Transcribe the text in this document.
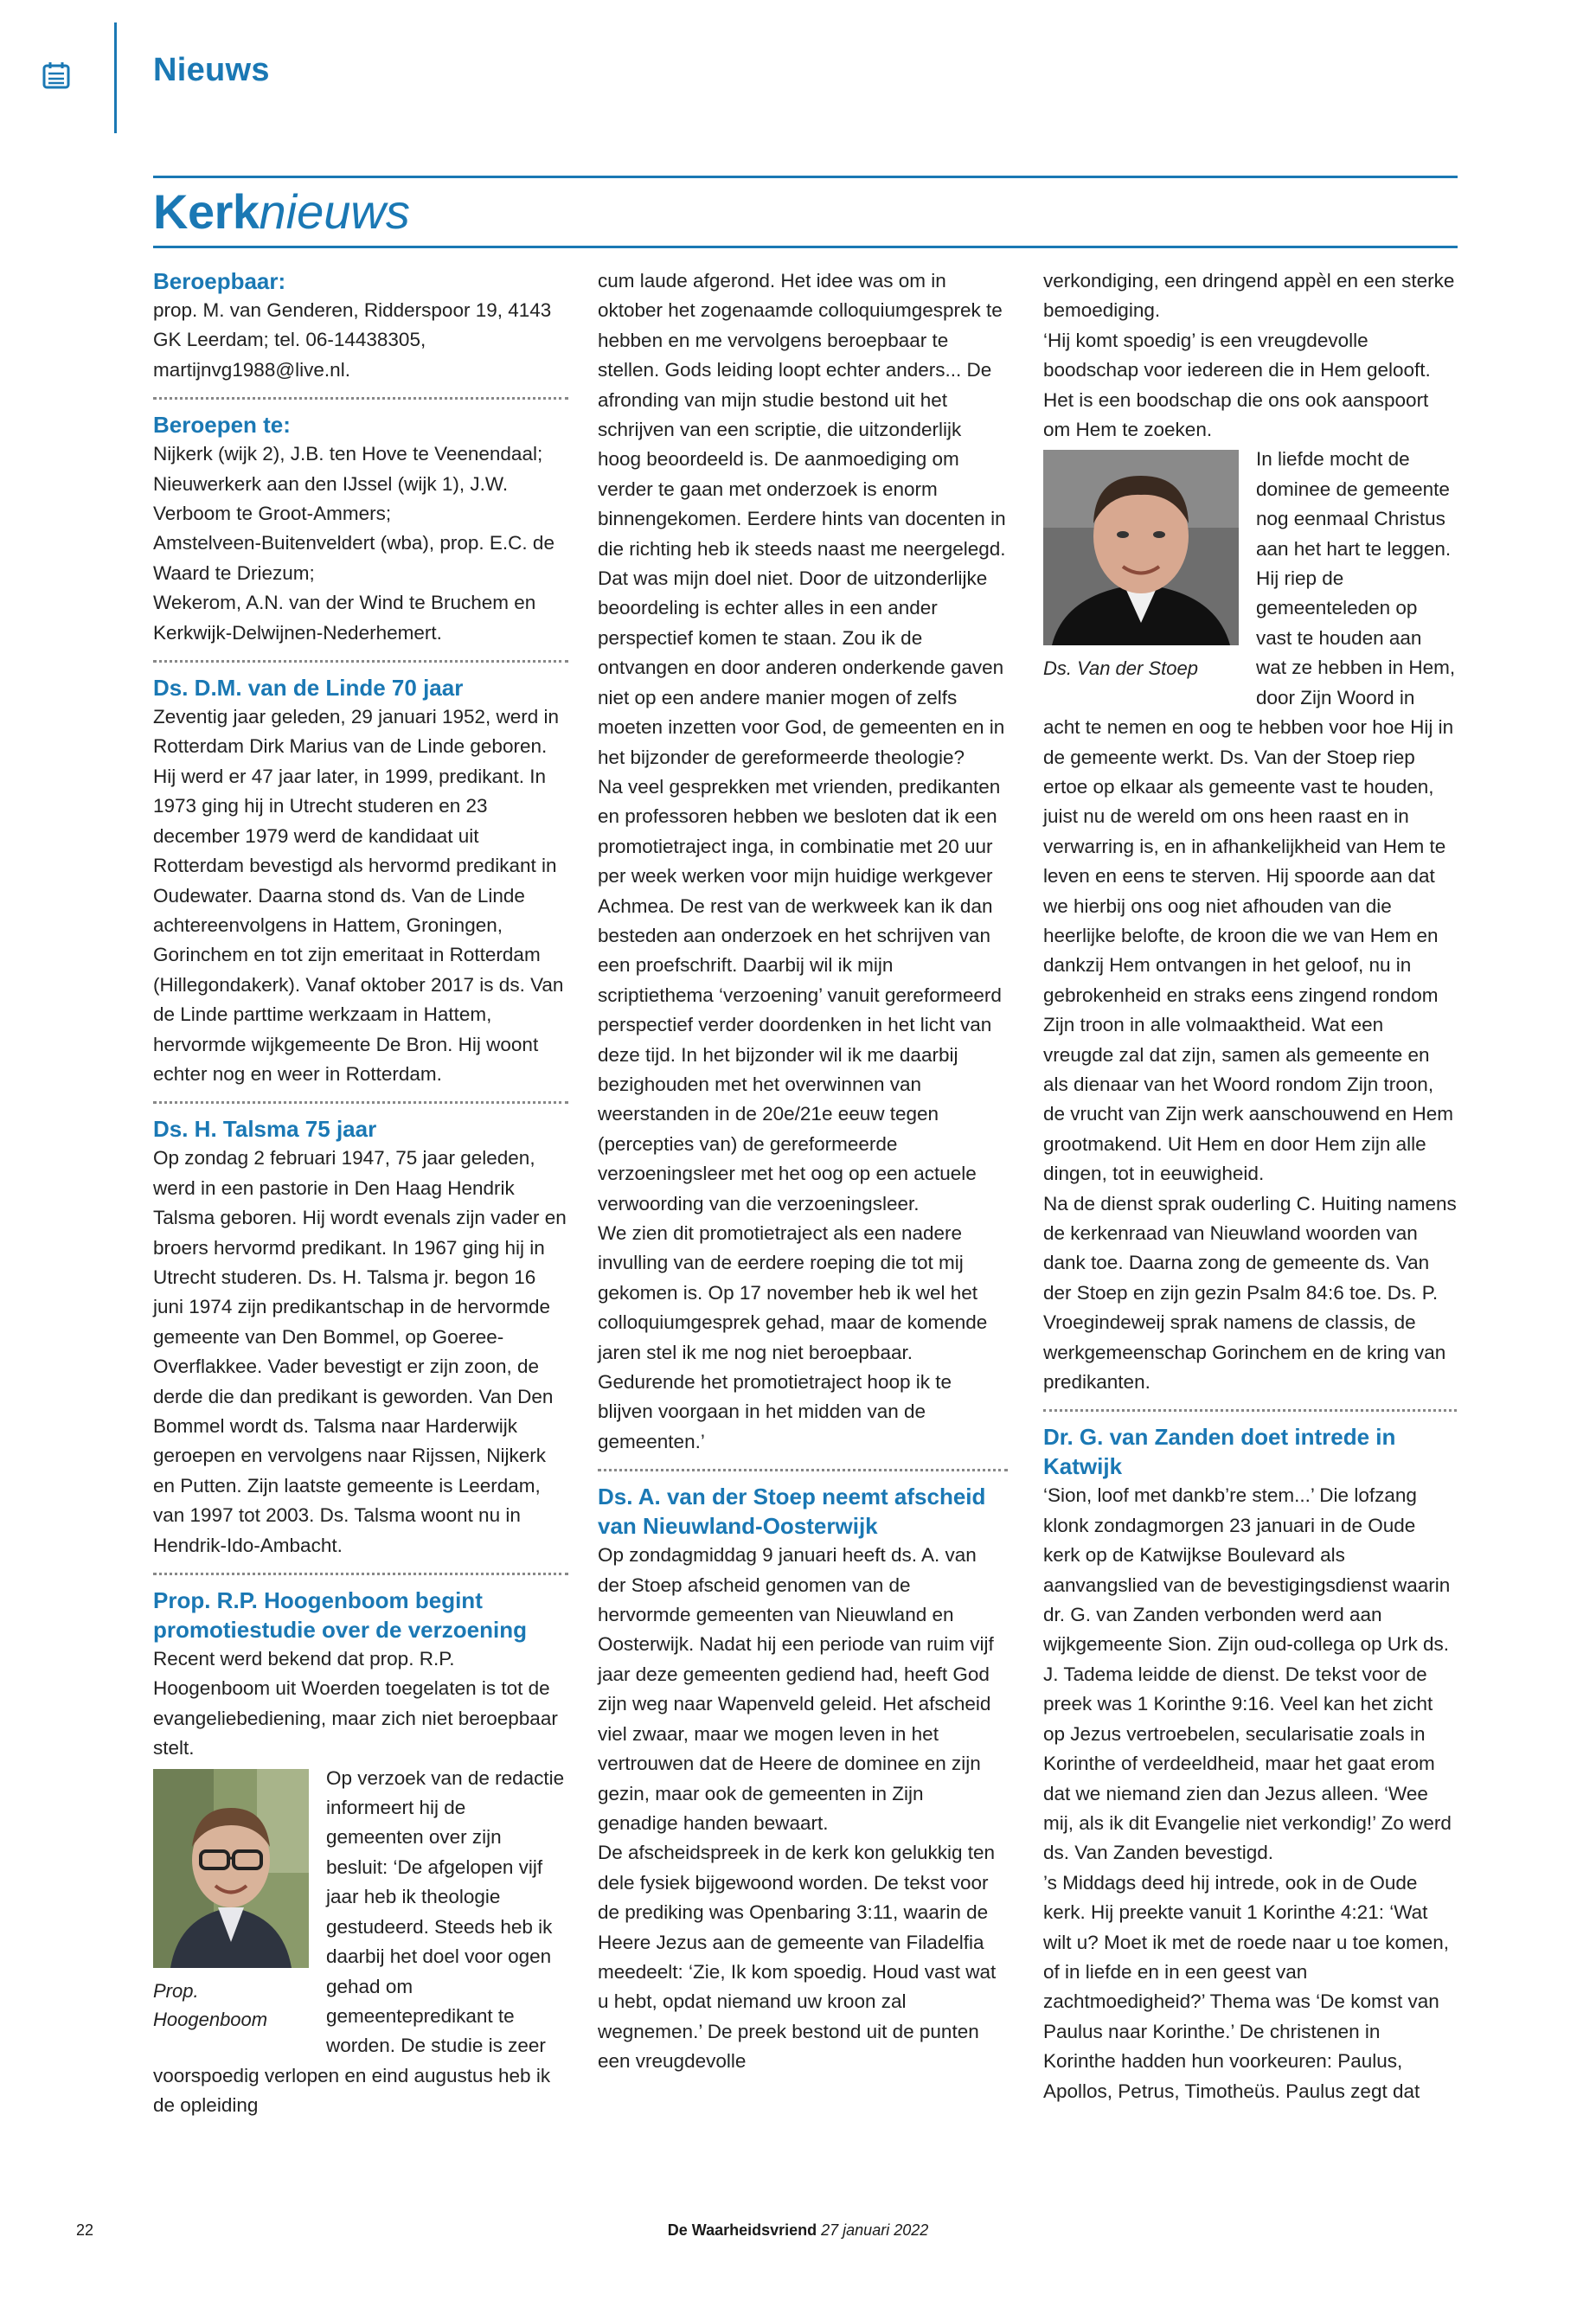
Nieuws
Kerknieuws
Beroepbaar:

prop. M. van Genderen, Ridderspoor 19, 4143 GK Leerdam; tel. 06-14438305, martijnvg1988@live.nl.

Beroepen te:

Nijkerk (wijk 2), J.B. ten Hove te Veenendaal; Nieuwerkerk aan den IJssel (wijk 1), J.W. Verboom te Groot-Ammers;

Amstelveen-Buitenveldert (wba), prop. E.C. de Waard te Driezum;

Wekerom, A.N. van der Wind te Bruchem en Kerkwijk-Delwijnen-Nederhemert.

Ds. D.M. van de Linde 70 jaar

Zeventig jaar geleden, 29 januari 1952, werd in Rotterdam Dirk Marius van de Linde geboren. Hij werd er 47 jaar later, in 1999, predikant. In 1973 ging hij in Utrecht studeren en 23 december 1979 werd de kandidaat uit Rotterdam bevestigd als hervormd predikant in Oudewater. Daarna stond ds. Van de Linde achtereenvolgens in Hattem, Groningen, Gorinchem en tot zijn emeritaat in Rotterdam (Hillegondakerk). Vanaf oktober 2017 is ds. Van de Linde parttime werkzaam in Hattem, hervormde wijkgemeente De Bron. Hij woont echter nog en weer in Rotterdam.

Ds. H. Talsma 75 jaar

Op zondag 2 februari 1947, 75 jaar geleden, werd in een pastorie in Den Haag Hendrik Talsma geboren. Hij wordt evenals zijn vader en broers hervormd predikant. In 1967 ging hij in Utrecht studeren. Ds. H. Talsma jr. begon 16 juni 1974 zijn predikantschap in de hervormde gemeente van Den Bommel, op Goeree-Overflakkee. Vader bevestigt er zijn zoon, de derde die dan predikant is geworden. Van Den Bommel wordt ds. Talsma naar Harderwijk geroepen en vervolgens naar Rijssen, Nijkerk en Putten. Zijn laatste gemeente is Leerdam, van 1997 tot 2003. Ds. Talsma woont nu in Hendrik-Ido-Ambacht.

Prop. R.P. Hoogenboom begint promotiestudie over de verzoening

Recent werd bekend dat prop. R.P. Hoogenboom uit Woerden toegelaten is tot de evangeliebediening, maar zich niet beroepbaar stelt.

Prop. Hoogenboom

Op verzoek van de redactie informeert hij de gemeenten over zijn besluit: ‘De afgelopen vijf jaar heb ik theologie gestudeerd. Steeds heb ik daarbij het doel voor ogen gehad om gemeentepredikant te worden. De studie is zeer voorspoedig verlopen en eind augustus heb ik de opleiding

cum laude afgerond. Het idee was om in oktober het zogenaamde colloquiumgesprek te hebben en me vervolgens beroepbaar te stellen. Gods leiding loopt echter anders... De afronding van mijn studie bestond uit het schrijven van een scriptie, die uitzonderlijk hoog beoordeeld is. De aanmoediging om verder te gaan met onderzoek is enorm binnengekomen. Eerdere hints van docenten in die richting heb ik steeds naast me neergelegd. Dat was mijn doel niet. Door de uitzonderlijke beoordeling is echter alles in een ander perspectief komen te staan. Zou ik de ontvangen en door anderen onderkende gaven niet op een andere manier mogen of zelfs moeten inzetten voor God, de gemeenten en in het bijzonder de gereformeerde theologie?

Na veel gesprekken met vrienden, predikanten en professoren hebben we besloten dat ik een promotietraject inga, in combinatie met 20 uur per week werken voor mijn huidige werkgever Achmea. De rest van de werkweek kan ik dan besteden aan onderzoek en het schrijven van een proefschrift. Daarbij wil ik mijn scriptiethema ‘verzoening’ vanuit gereformeerd perspectief verder doordenken in het licht van deze tijd. In het bijzonder wil ik me daarbij bezighouden met het overwinnen van weerstanden in de 20e/21e eeuw tegen (percepties van) de gereformeerde verzoeningsleer met het oog op een actuele verwoording van die verzoeningsleer.

We zien dit promotietraject als een nadere invulling van de eerdere roeping die tot mij gekomen is. Op 17 november heb ik wel het colloquiumgesprek gehad, maar de komende jaren stel ik me nog niet beroepbaar. Gedurende het promotietraject hoop ik te blijven voorgaan in het midden van de gemeenten.’

Ds. A. van der Stoep neemt afscheid van Nieuwland-Oosterwijk

Op zondagmiddag 9 januari heeft ds. A. van der Stoep afscheid genomen van de hervormde gemeenten van Nieuwland en Oosterwijk. Nadat hij een periode van ruim vijf jaar deze gemeenten gediend had, heeft God zijn weg naar Wapenveld geleid. Het afscheid viel zwaar, maar we mogen leven in het vertrouwen dat de Heere de dominee en zijn gezin, maar ook de gemeenten in Zijn genadige handen bewaart.

De afscheidspreek in de kerk kon gelukkig ten dele fysiek bijgewoond worden. De tekst voor de prediking was Openbaring 3:11, waarin de Heere Jezus aan de gemeente van Filadelfia meedeelt: ‘Zie, Ik kom spoedig. Houd vast wat u hebt, opdat niemand uw kroon zal wegnemen.’ De preek bestond uit de punten een vreugdevolle

verkondiging, een dringend appèl en een sterke bemoediging.

‘Hij komt spoedig’ is een vreugdevolle boodschap voor iedereen die in Hem gelooft. Het is een boodschap die ons ook aanspoort om Hem te zoeken.

Ds. Van der Stoep

In liefde mocht de dominee de gemeente nog eenmaal Christus aan het hart te leggen. Hij riep de gemeenteleden op vast te houden aan wat ze hebben in Hem, door Zijn Woord in acht te nemen en oog te hebben voor hoe Hij in de gemeente werkt. Ds. Van der Stoep riep ertoe op elkaar als gemeente vast te houden, juist nu de wereld om ons heen raast en in verwarring is, en in afhankelijkheid van Hem te leven en eens te sterven. Hij spoorde aan dat we hierbij ons oog niet afhouden van die heerlijke belofte, de kroon die we van Hem en dankzij Hem ontvangen in het geloof, nu in gebrokenheid en straks eens zingend rondom Zijn troon in alle volmaaktheid. Wat een vreugde zal dat zijn, samen als gemeente en als dienaar van het Woord rondom Zijn troon, de vrucht van Zijn werk aanschouwend en Hem grootmakend. Uit Hem en door Hem zijn alle dingen, tot in eeuwigheid.

Na de dienst sprak ouderling C. Huiting namens de kerkenraad van Nieuwland woorden van dank toe. Daarna zong de gemeente ds. Van der Stoep en zijn gezin Psalm 84:6 toe. Ds. P. Vroegindeweij sprak namens de classis, de werkgemeenschap Gorinchem en de kring van predikanten.

Dr. G. van Zanden doet intrede in Katwijk

‘Sion, loof met dankb’re stem...’ Die lofzang klonk zondagmorgen 23 januari in de Oude kerk op de Katwijkse Boulevard als aanvangslied van de bevestigingsdienst waarin dr. G. van Zanden verbonden werd aan wijkgemeente Sion. Zijn oud-collega op Urk ds. J. Tadema leidde de dienst. De tekst voor de preek was 1 Korinthe 9:16. Veel kan het zicht op Jezus vertroebelen, secularisatie zoals in Korinthe of verdeeldheid, maar het gaat erom dat we niemand zien dan Jezus alleen. ‘Wee mij, als ik dit Evangelie niet verkondig!’ Zo werd ds. Van Zanden bevestigd.

’s Middags deed hij intrede, ook in de Oude kerk. Hij preekte vanuit 1 Korinthe 4:21: ‘Wat wilt u? Moet ik met de roede naar u toe komen, of in liefde en in een geest van zachtmoedigheid?’ Thema was ‘De komst van Paulus naar Korinthe.’ De christenen in Korinthe hadden hun voorkeuren: Paulus, Apollos, Petrus, Timotheüs. Paulus zegt dat

22	De Waarheidsvriend 27 januari 2022
